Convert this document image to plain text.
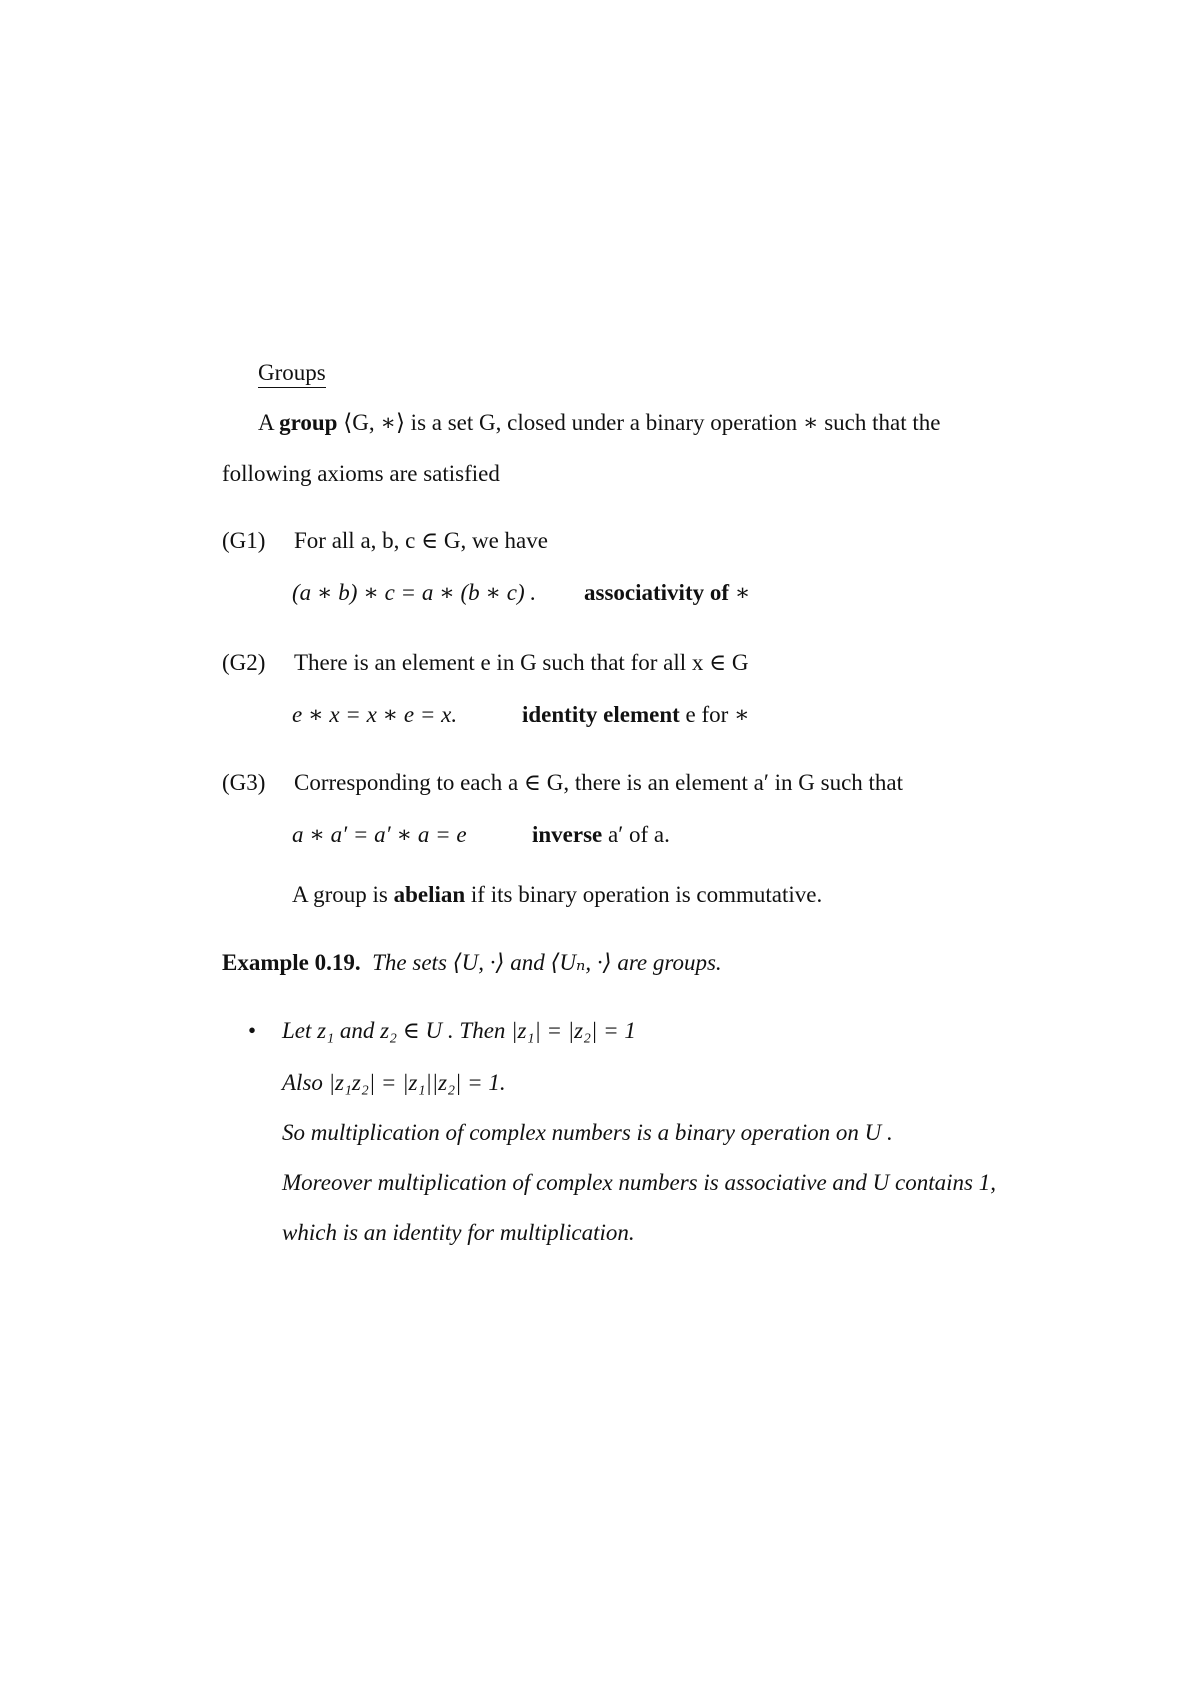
Groups
A group ⟨G, ∗⟩ is a set G, closed under a binary operation ∗ such that the
following axioms are satisfied
(G1) For all a, b, c ∈ G, we have
(a ∗ b) ∗ c = a ∗ (b ∗ c) . associativity of ∗
(G2) There is an element e in G such that for all x ∈ G
e ∗ x = x ∗ e = x.	identity element e for ∗
(G3) Corresponding to each a ∈ G, there is an element a′ in G such that
a ∗ a′ = a′ ∗ a = e	inverse a′ of a.
A group is abelian if its binary operation is commutative.
Example 0.19. The sets ⟨U, ·⟩ and ⟨Uₙ, ·⟩ are groups.
• Let z₁ and z₂ ∈ U . Then |z₁| = |z₂| = 1
Also |z₁z₂| = |z₁||z₂| = 1.
So multiplication of complex numbers is a binary operation on U .
Moreover multiplication of complex numbers is associative and U contains 1,
which is an identity for multiplication.
